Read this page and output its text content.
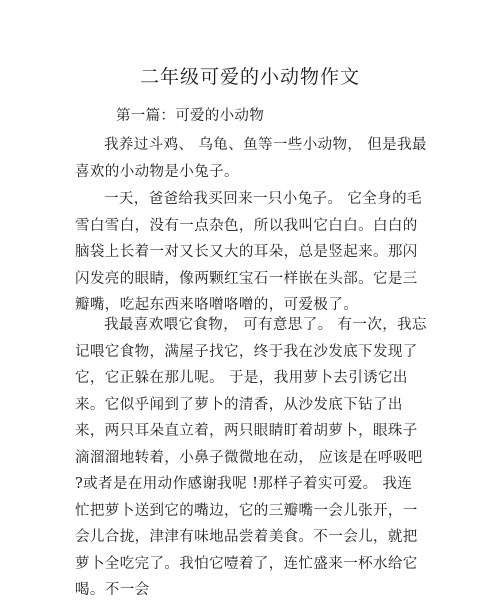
二年级可爱的小动物作文
第一篇：可爱的小动物

我养过斗鸡、 乌龟、鱼等一些小动物， 但是我最喜欢的小动物是小兔子。

一天，爸爸给我买回来一只小兔子。 它全身的毛雪白雪白，没有一点杂色，所以我叫它白白。白白的脑袋上长着一对又长又大的耳朵，总是竖起来。那闪闪发亮的眼睛，像两颗红宝石一样嵌在头部。它是三瓣嘴，吃起东西来咯噌咯噌的，可爱极了。

我最喜欢喂它食物， 可有意思了。 有一次，我忘记喂它食物，满屋子找它，终于我在沙发底下发现了它，它正躲在那儿呢。 于是，我用萝卜去引诱它出来。它似乎闻到了萝卜的清香，从沙发底下钻了出来，两只耳朵直立着，两只眼睛盯着胡萝卜，眼珠子滴溜溜地转着，小鼻子微微地在动， 应该是在呼吸吧 ?或者是在用动作感谢我呢 !那样子着实可爱。 我连忙把萝卜送到它的嘴边，它的三瓣嘴一会儿张开，一会儿合拢，津津有味地品尝着美食。不一会儿，就把萝卜全吃完了。我怕它噎着了，连忙盛来一杯水给它喝。不一会
